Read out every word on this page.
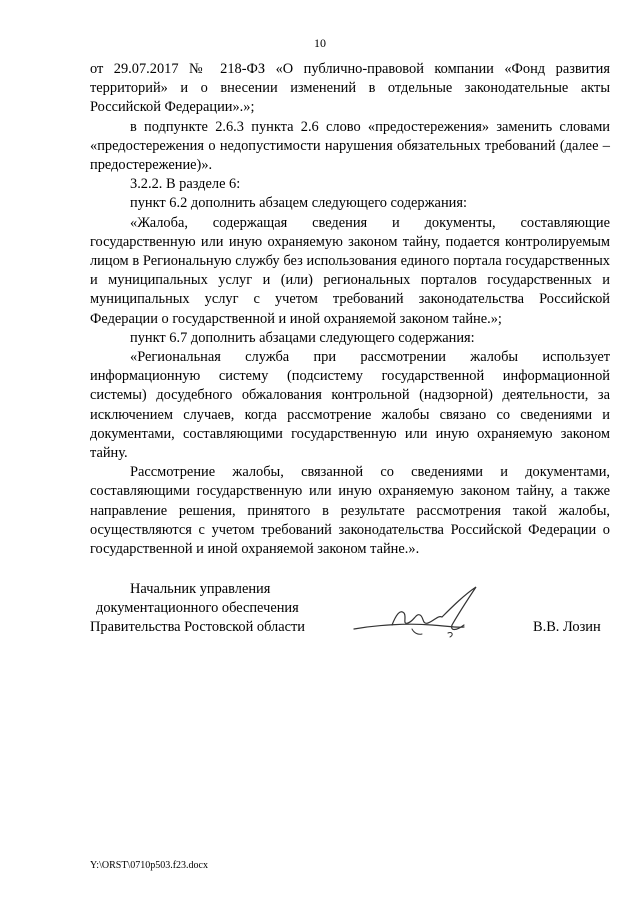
10

от 29.07.2017 № 218-ФЗ «О публично-правовой компании «Фонд развития территорий» и о внесении изменений в отдельные законодательные акты Российской Федерации».»;

в подпункте 2.6.3 пункта 2.6 слово «предостережения» заменить словами «предостережения о недопустимости нарушения обязательных требований (далее – предостережение)».

3.2.2. В разделе 6:

пункт 6.2 дополнить абзацем следующего содержания:

«Жалоба, содержащая сведения и документы, составляющие государственную или иную охраняемую законом тайну, подается контролируемым лицом в Региональную службу без использования единого портала государственных и муниципальных услуг и (или) региональных порталов государственных и муниципальных услуг с учетом требований законодательства Российской Федерации о государственной и иной охраняемой законом тайне.»;

пункт 6.7 дополнить абзацами следующего содержания:

«Региональная служба при рассмотрении жалобы использует информационную систему (подсистему государственной информационной системы) досудебного обжалования контрольной (надзорной) деятельности, за исключением случаев, когда рассмотрение жалобы связано со сведениями и документами, составляющими государственную или иную охраняемую законом тайну.

Рассмотрение жалобы, связанной со сведениями и документами, составляющими государственную или иную охраняемую законом тайну, а также направление решения, принятого в результате рассмотрения такой жалобы, осуществляются с учетом требований законодательства Российской Федерации о государственной и иной охраняемой законом тайне.».

Начальник управления
документационного обеспечения
Правительства Ростовской области	В.В. Лозин
Y:\ORST\0710p503.f23.docx
